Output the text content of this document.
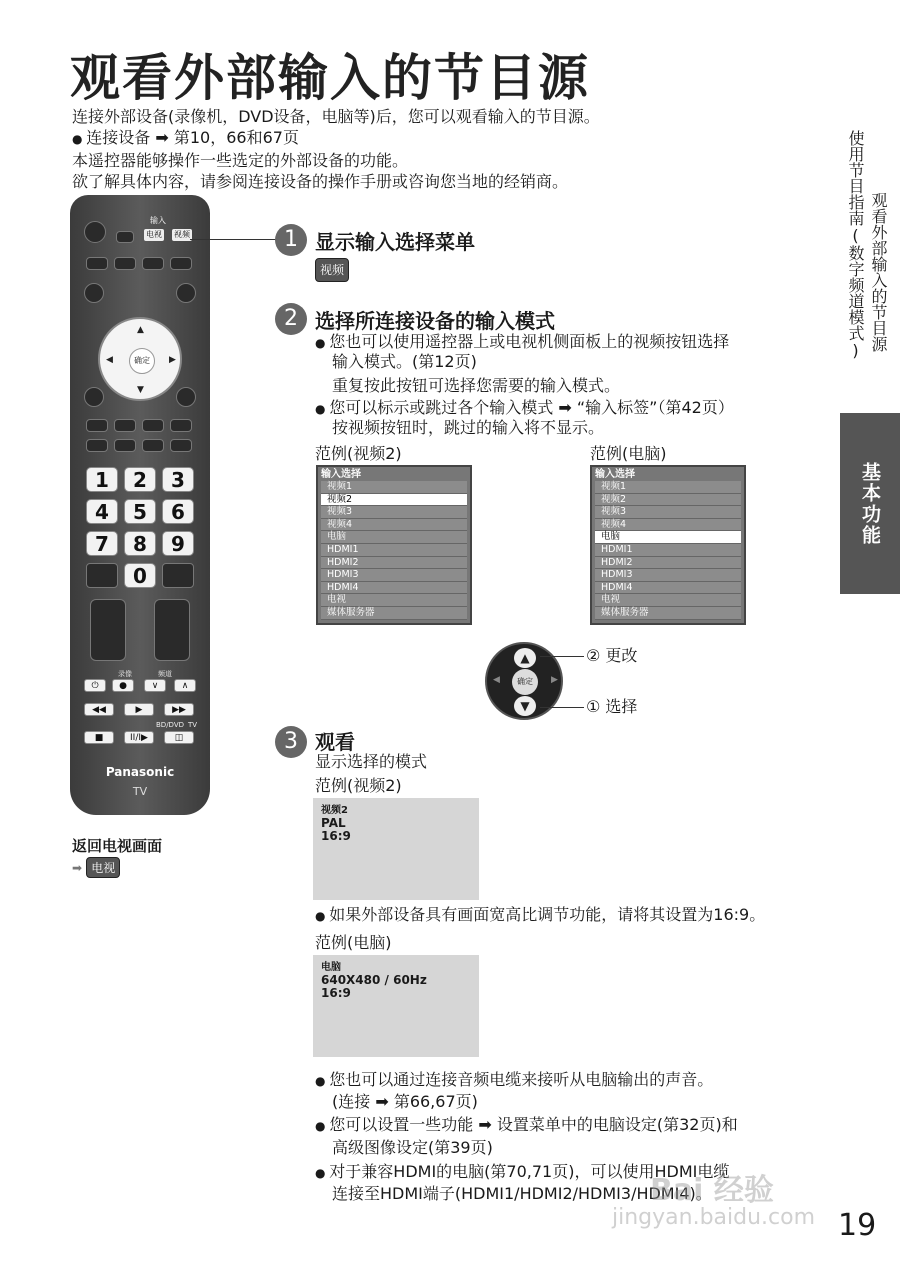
观看外部输入的节目源

连接外部设备(录像机，DVD设备，电脑等)后，您可以观看输入的节目源。

● 连接设备 ➡ 第10，66和67页

本遥控器能够操作一些选定的外部设备的功能。

欲了解具体内容，请参阅连接设备的操作手册或咨询您当地的经销商。	使用节目指南(数字频道模式) 观看外部输入的节目源
基本功能
输入
电视 视频
▲
▼
◀	▶
确定
1	2	3
4	5	6
7	8	9
0
录像	频道
⏻	●	∨	∧
◀◀	▶	▶▶
BD/DVD TV
■	II/I▶	◫
Panasonic
TV
返回电视画面
➡ 电视
1 显示输入选择菜单
视频
2 选择所连接设备的输入模式
● 您也可以使用遥控器上或电视机侧面板上的视频按钮选择
输入模式。(第12页)
重复按此按钮可选择您需要的输入模式。
● 您可以标示或跳过各个输入模式 ➡ “输入标签”（第42页）
按视频按钮时，跳过的输入将不显示。
范例(视频2)	范例(电脑)
输入选择
视频1
视频2
视频3
视频4
电脑
HDMI1
HDMI2
HDMI3
HDMI4
电视
媒体服务器
输入选择
视频1
视频2
视频3
视频4
电脑
HDMI1
HDMI2
HDMI3
HDMI4
电视
媒体服务器
▲
▼
◀	▶
确定
② 更改
① 选择
3 观看
显示选择的模式
范例(视频2)
视频2
PAL
16:9
● 如果外部设备具有画面宽高比调节功能，请将其设置为16:9。
范例(电脑)
电脑
640X480 / 60Hz
16:9
● 您也可以通过连接音频电缆来接听从电脑输出的声音。
(连接 ➡ 第66,67页)
● 您可以设置一些功能 ➡ 设置菜单中的电脑设定(第32页)和
高级图像设定(第39页)
● 对于兼容HDMI的电脑(第70,71页)，可以使用HDMI电缆
连接至HDMI端子(HDMI1/HDMI2/HDMI3/HDMI4)。
Bai 经验
jingyan.baidu.com 19
